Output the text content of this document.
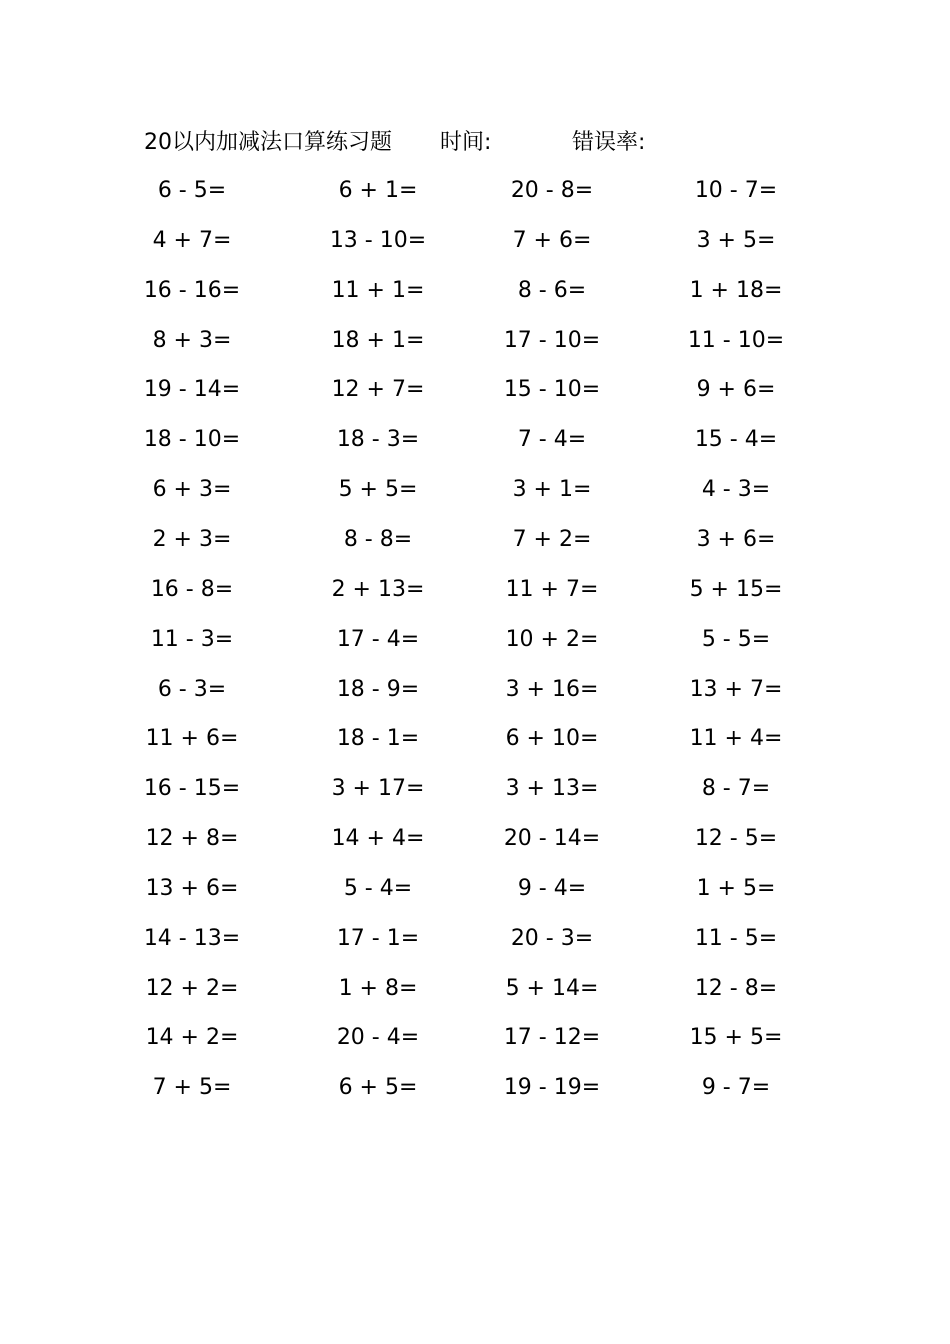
20以内加减法口算练习题 时间:	错误率:
6 - 5=	6 + 1=	20 - 8=	10 - 7=
4 + 7=	13 - 10=	7 + 6=	3 + 5=
16 - 16=	11 + 1=	8 - 6=	1 + 18=
8 + 3=	18 + 1=	17 - 10=	11 - 10=
19 - 14=	12 + 7=	15 - 10=	9 + 6=
18 - 10=	18 - 3=	7 - 4=	15 - 4=
6 + 3=	5 + 5=	3 + 1=	4 - 3=
2 + 3=	8 - 8=	7 + 2=	3 + 6=
16 - 8=	2 + 13=	11 + 7=	5 + 15=
11 - 3=	17 - 4=	10 + 2=	5 - 5=
6 - 3=	18 - 9=	3 + 16=	13 + 7=
11 + 6=	18 - 1=	6 + 10=	11 + 4=
16 - 15=	3 + 17=	3 + 13=	8 - 7=
12 + 8=	14 + 4=	20 - 14=	12 - 5=
13 + 6=	5 - 4=	9 - 4=	1 + 5=
14 - 13=	17 - 1=	20 - 3=	11 - 5=
12 + 2=	1 + 8=	5 + 14=	12 - 8=
14 + 2=	20 - 4=	17 - 12=	15 + 5=
7 + 5=	6 + 5=	19 - 19=	9 - 7=
